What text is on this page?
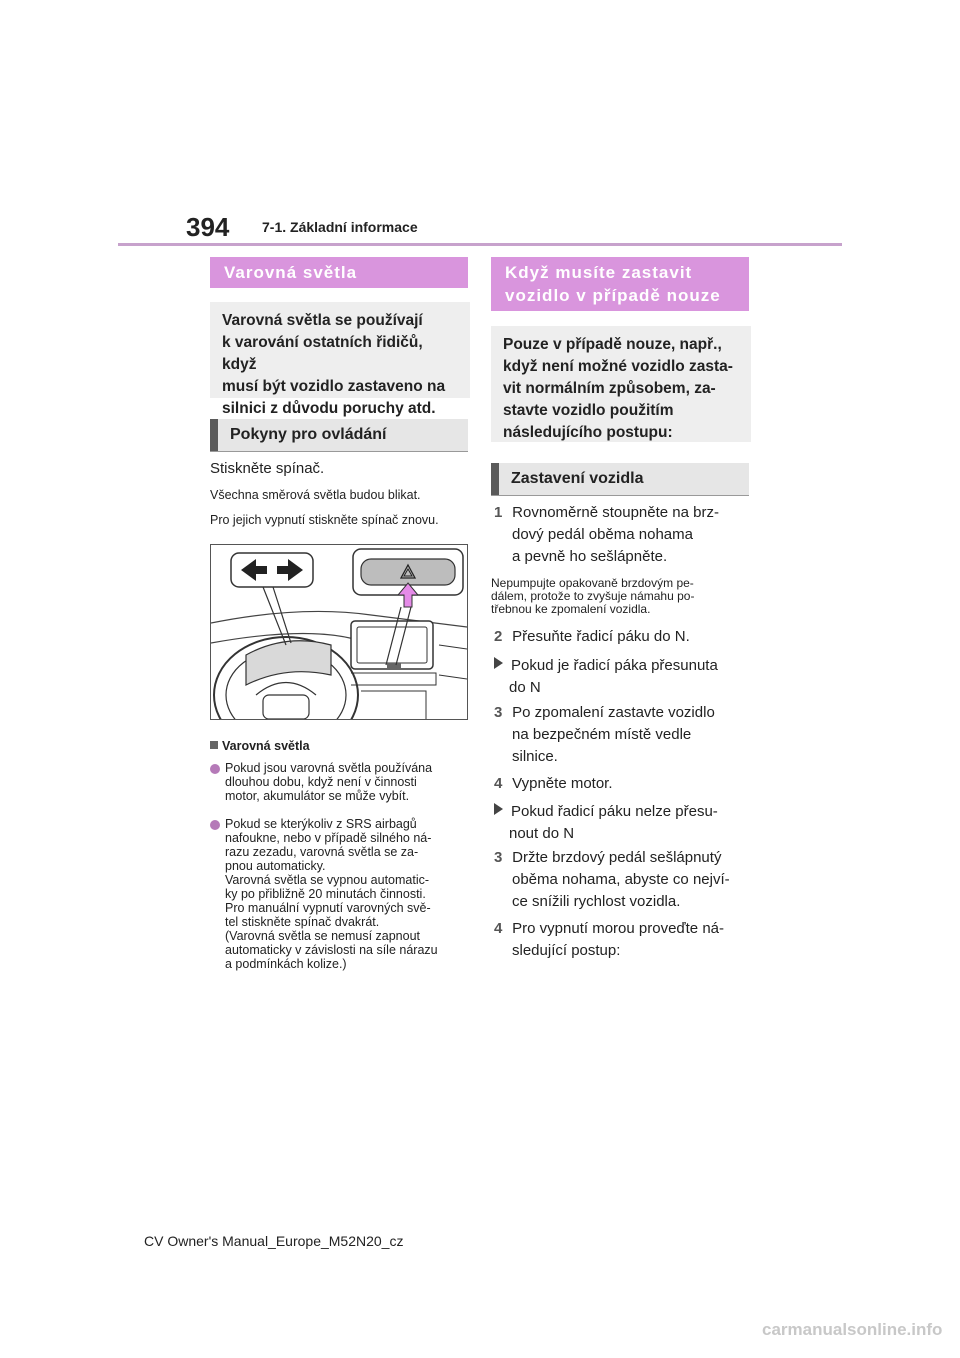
394 7-1. Základní informace
Varovná světla
Varovná světla se používají
k varování ostatních řidičů, když
musí být vozidlo zastaveno na
silnici z důvodu poruchy atd.
Pokyny pro ovládání
Stiskněte spínač.
Všechna směrová světla budou blikat.
Pro jejich vypnutí stiskněte spínač znovu.
Varovná světla
Pokud jsou varovná světla používána
dlouhou dobu, když není v činnosti
motor, akumulátor se může vybít.
Pokud se kterýkoliv z SRS airbagů
nafoukne, nebo v případě silného ná-
razu zezadu, varovná světla se za-
pnou automaticky.
Varovná světla se vypnou automatic-
ky po přibližně 20 minutách činnosti.
Pro manuální vypnutí varovných svě-
tel stiskněte spínač dvakrát.
(Varovná světla se nemusí zapnout
automaticky v závislosti na síle nárazu
a podmínkách kolize.)
Když musíte zastavit
vozidlo v případě nouze
Pouze v případě nouze, např.,
když není možné vozidlo zasta-
vit normálním způsobem, za-
stavte vozidlo použitím
následujícího postupu:
Zastavení vozidla
1 Rovnoměrně stoupněte na brz-
dový pedál oběma nohama
a pevně ho sešlápněte.
Nepumpujte opakovaně brzdovým pe-
dálem, protože to zvyšuje námahu po-
třebnou ke zpomalení vozidla.
2 Přesuňte řadicí páku do N.
Pokud je řadicí páka přesunuta
do N
3 Po zpomalení zastavte vozidlo
na bezpečném místě vedle
silnice.
4 Vypněte motor.
Pokud řadicí páku nelze přesu-
nout do N
3 Držte brzdový pedál sešlápnutý
oběma nohama, abyste co nejví-
ce snížili rychlost vozidla.
4 Pro vypnutí morou proveďte ná-
sledující postup:
CV Owner's Manual_Europe_M52N20_cz
carmanualsonline.info
